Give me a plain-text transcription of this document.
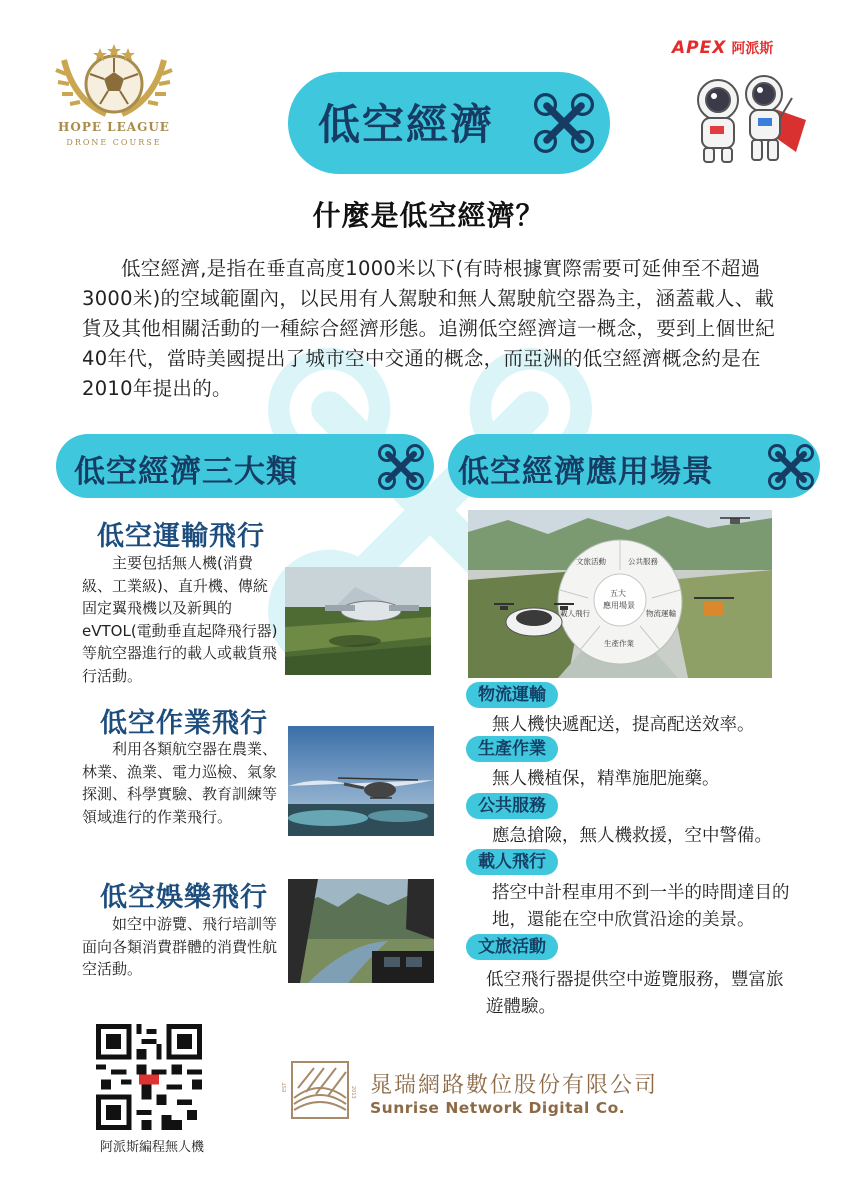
HOPE LEAGUE
DRONE COURSE	低空經濟
APEX 阿派斯
什麼是低空經濟？
低空經濟,是指在垂直高度1000米以下(有時根據實際需要可延伸至不超過3000米)的空域範圍內，以民用有人駕駛和無人駕駛航空器為主，涵蓋載人、載貨及其他相關活動的一種綜合經濟形態。追溯低空經濟這一概念，要到上個世紀40年代，當時美國提出了城市空中交通的概念，而亞洲的低空經濟概念約是在2010年提出的。
低空經濟三大類	低空經濟應用場景
低空運輸飛行
主要包括無人機(消費級、工業級)、直升機、傳統固定翼飛機以及新興的eVTOL(電動垂直起降飛行器)等航空器進行的載人或載貨飛行活動。
低空作業飛行
利用各類航空器在農業、林業、漁業、電力巡檢、氣象探測、科學實驗、教育訓練等領域進行的作業飛行。
低空娛樂飛行
如空中游覽、飛行培訓等面向各類消費群體的消費性航空活動。
文旅活動	公共服務
五大
應用場景
載人飛行	物流運輸
生產作業
物流運輸
無人機快遞配送，提高配送效率。
生產作業
無人機植保，精準施肥施藥。
公共服務
應急搶險，無人機救援，空中警備。
載人飛行
搭空中計程車用不到一半的時間達目的地，還能在空中欣賞沿途的美景。
文旅活動
低空飛行器提供空中遊覽服務，豐富旅遊體驗。
阿派斯編程無人機
EST	2013 晁瑞網路數位股份有限公司
Sunrise Network Digital Co.
